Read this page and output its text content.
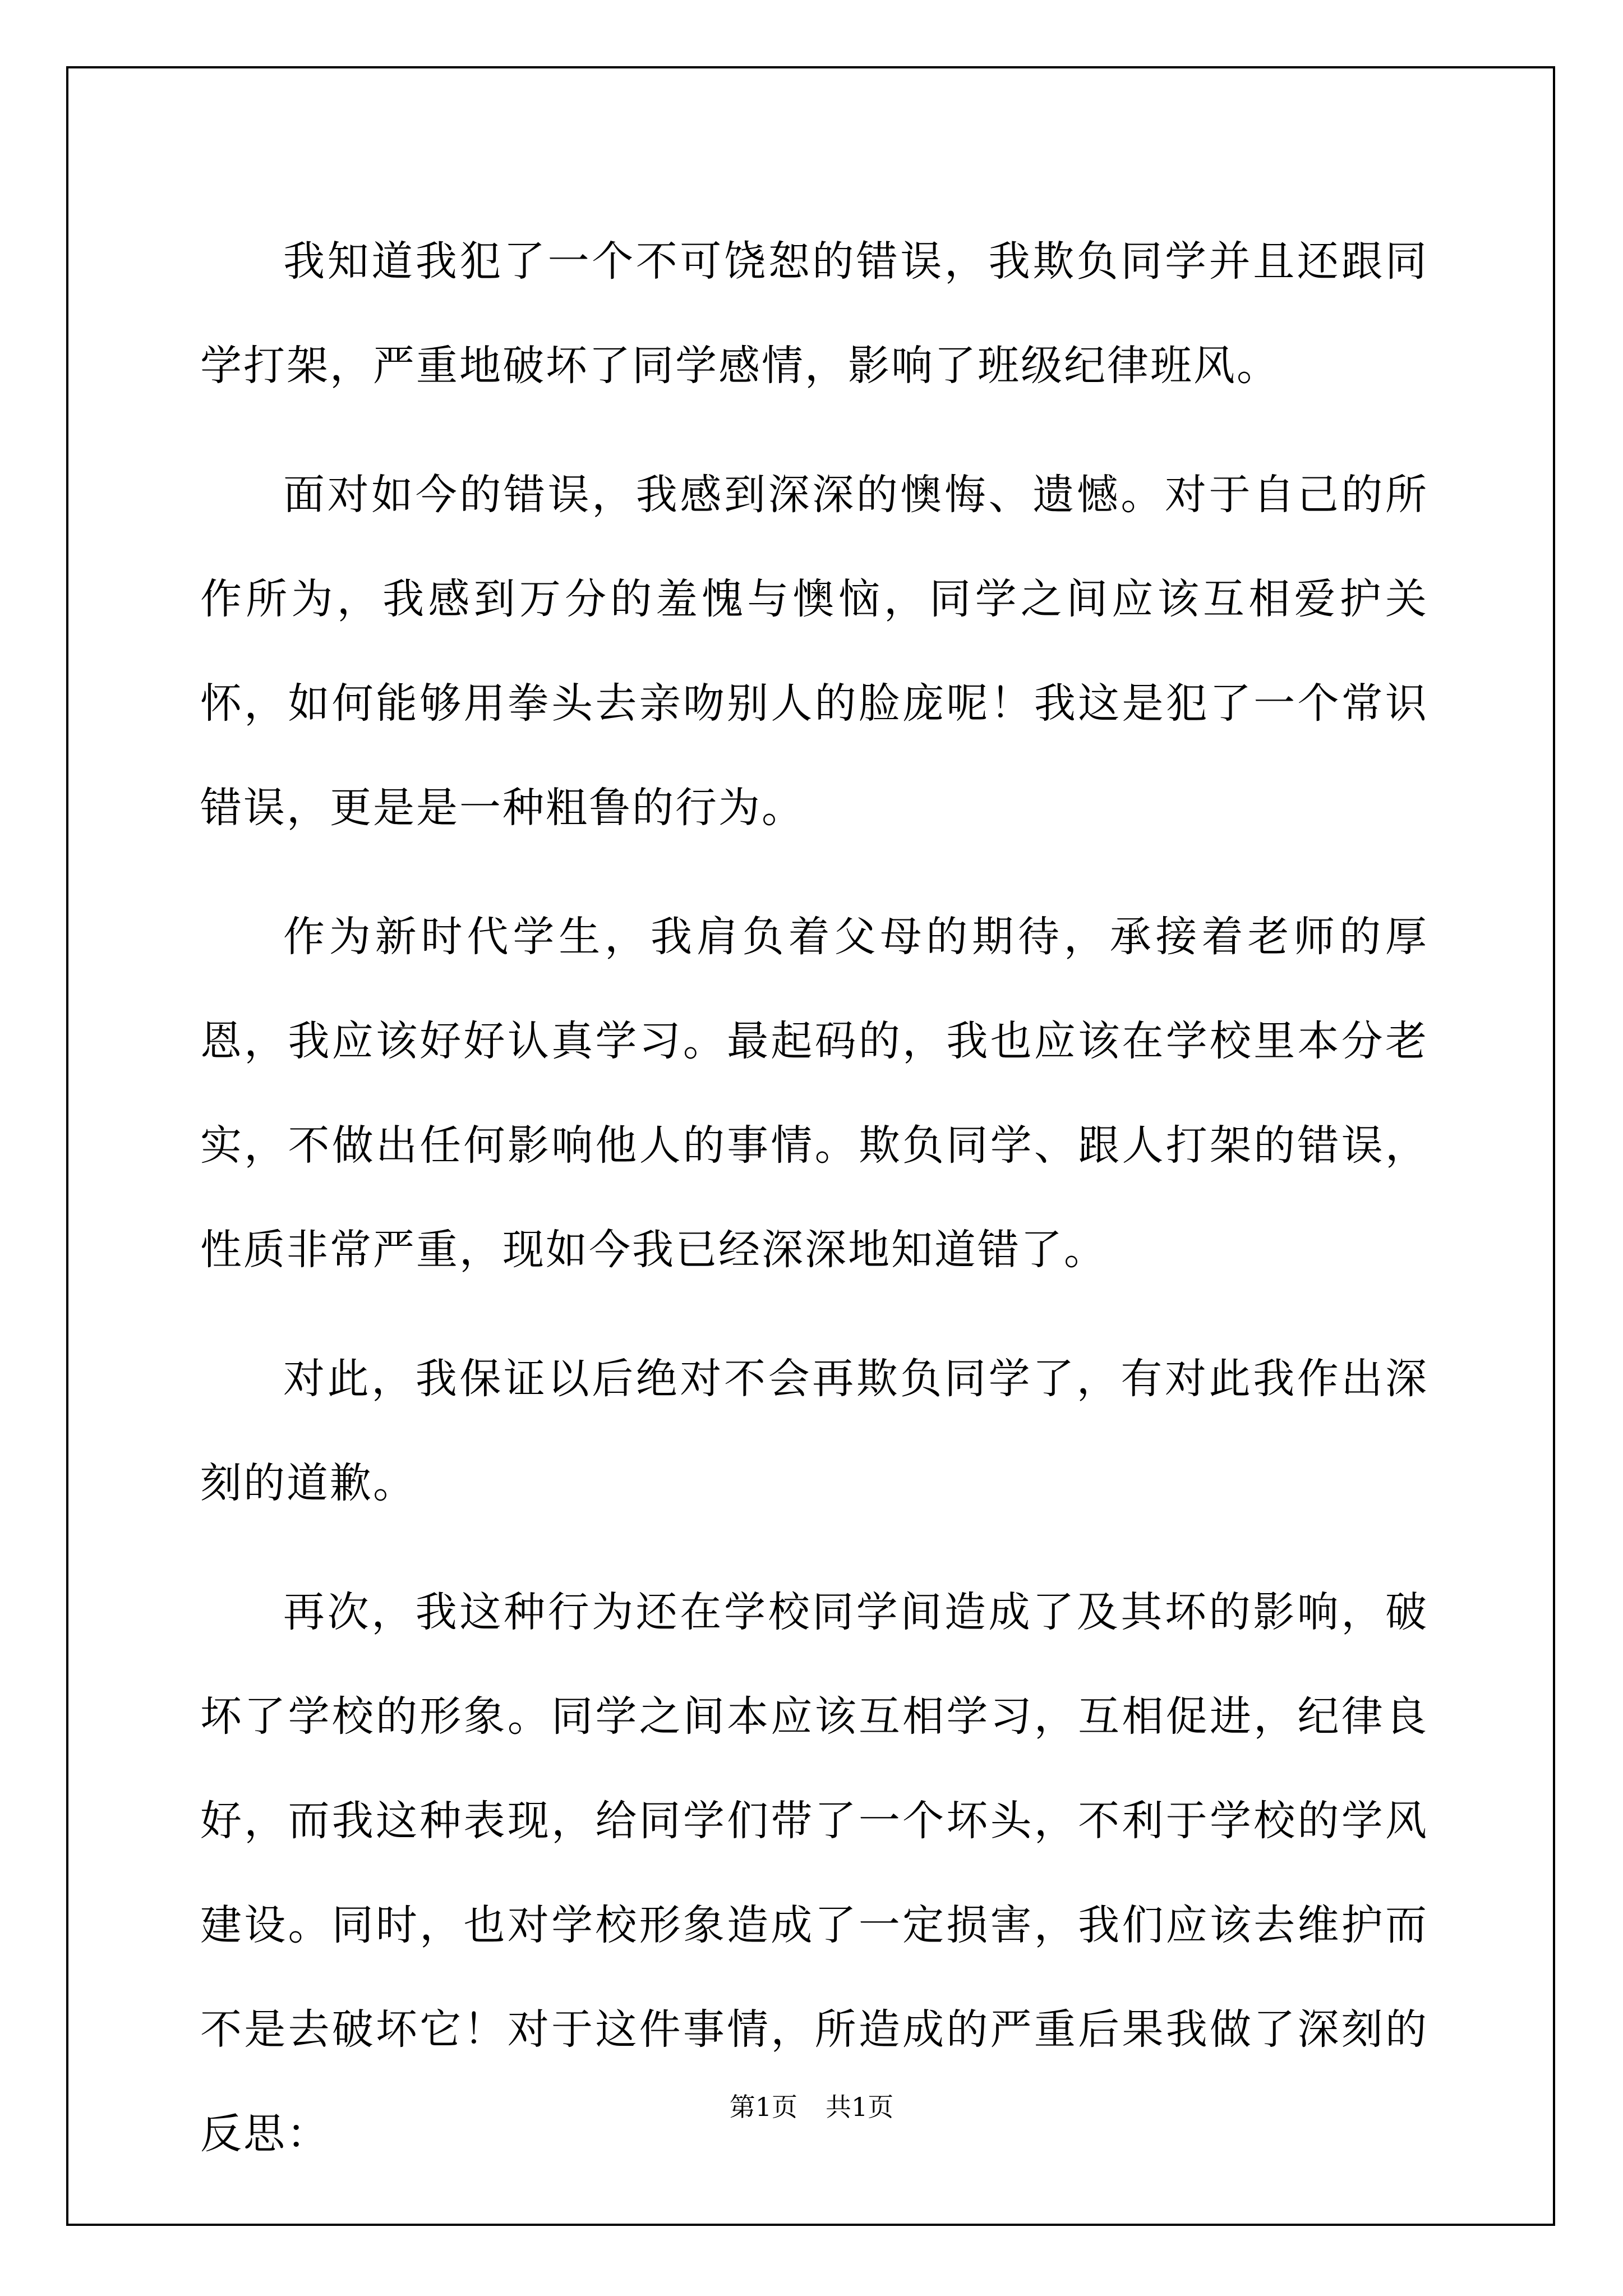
我知道我犯了一个不可饶恕的错误，我欺负同学并且还跟同学打架，严重地破坏了同学感情，影响了班级纪律班风。

面对如今的错误，我感到深深的懊悔、遗憾。对于自己的所作所为，我感到万分的羞愧与懊恼，同学之间应该互相爱护关怀，如何能够用拳头去亲吻别人的脸庞呢！我这是犯了一个常识错误，更是是一种粗鲁的行为。

作为新时代学生，我肩负着父母的期待，承接着老师的厚恩，我应该好好认真学习。最起码的，我也应该在学校里本分老实，不做出任何影响他人的事情。欺负同学、跟人打架的错误，性质非常严重，现如今我已经深深地知道错了。

对此，我保证以后绝对不会再欺负同学了，有对此我作出深刻的道歉。

再次，我这种行为还在学校同学间造成了及其坏的影响，破坏了学校的形象。同学之间本应该互相学习，互相促进，纪律良好，而我这种表现，给同学们带了一个坏头，不利于学校的学风建设。同时，也对学校形象造成了一定损害，我们应该去维护而不是去破坏它！对于这件事情，所造成的严重后果我做了深刻的反思：

第1页 共1页
